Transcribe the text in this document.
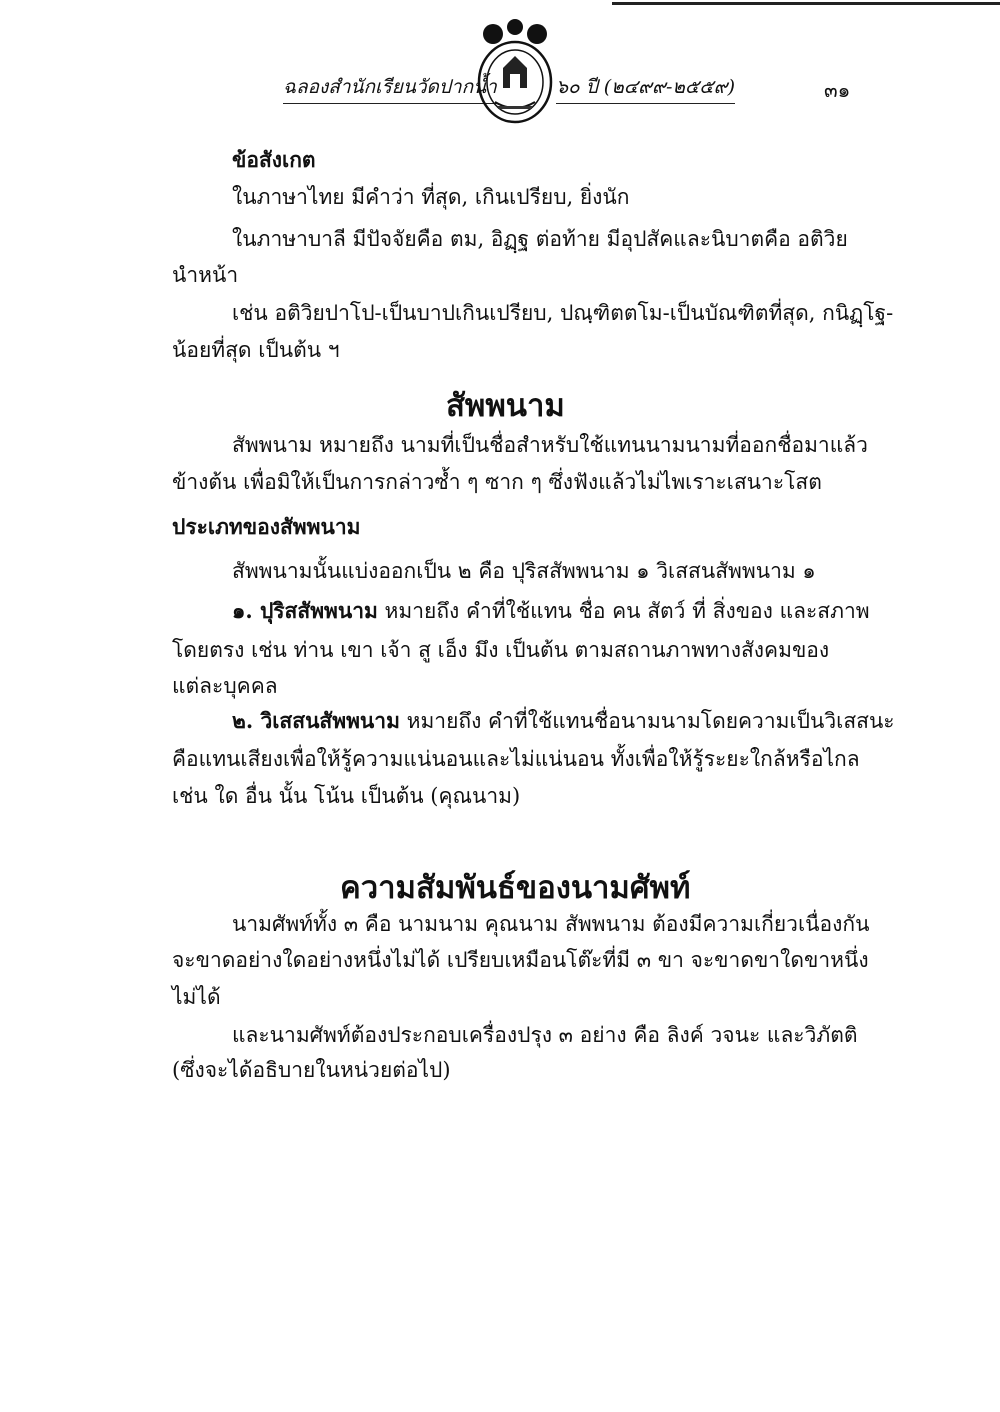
ฉลองสำนักเรียนวัดปากน้ำ	๖๐ ปี (๒๔๙๙-๒๕๕๙)	๓๑
ข้อสังเกต
ในภาษาไทย มีคำว่า ที่สุด, เกินเปรียบ, ยิ่งนัก
ในภาษาบาลี มีปัจจัยคือ ตม, อิฏฺฐ ต่อท้าย มีอุปสัคและนิบาตคือ อติวิย
นำหน้า
เช่น อติวิยปาโป-เป็นบาปเกินเปรียบ, ปณฺฑิตตโม-เป็นบัณฑิตที่สุด, กนิฏฺโฐ-
น้อยที่สุด เป็นต้น ฯ
สัพพนาม
สัพพนาม หมายถึง นามที่เป็นชื่อสำหรับใช้แทนนามนามที่ออกชื่อมาแล้ว
ข้างต้น เพื่อมิให้เป็นการกล่าวซ้ำ ๆ ซาก ๆ ซึ่งฟังแล้วไม่ไพเราะเสนาะโสต
ประเภทของสัพพนาม
สัพพนามนั้นแบ่งออกเป็น ๒ คือ ปุริสสัพพนาม ๑ วิเสสนสัพพนาม ๑
๑. ปุริสสัพพนาม หมายถึง คำที่ใช้แทน ชื่อ คน สัตว์ ที่ สิ่งของ และสภาพ
โดยตรง เช่น ท่าน เขา เจ้า สู เอ็ง มึง เป็นต้น ตามสถานภาพทางสังคมของ
แต่ละบุคคล
๒. วิเสสนสัพพนาม หมายถึง คำที่ใช้แทนชื่อนามนามโดยความเป็นวิเสสนะ
คือแทนเสียงเพื่อให้รู้ความแน่นอนและไม่แน่นอน ทั้งเพื่อให้รู้ระยะใกล้หรือไกล
เช่น ใด อื่น นั้น โน้น เป็นต้น (คุณนาม)
ความสัมพันธ์ของนามศัพท์
นามศัพท์ทั้ง ๓ คือ นามนาม คุณนาม สัพพนาม ต้องมีความเกี่ยวเนื่องกัน
จะขาดอย่างใดอย่างหนึ่งไม่ได้ เปรียบเหมือนโต๊ะที่มี ๓ ขา จะขาดขาใดขาหนึ่ง
ไม่ได้
และนามศัพท์ต้องประกอบเครื่องปรุง ๓ อย่าง คือ ลิงค์ วจนะ และวิภัตติ
(ซึ่งจะได้อธิบายในหน่วยต่อไป)
